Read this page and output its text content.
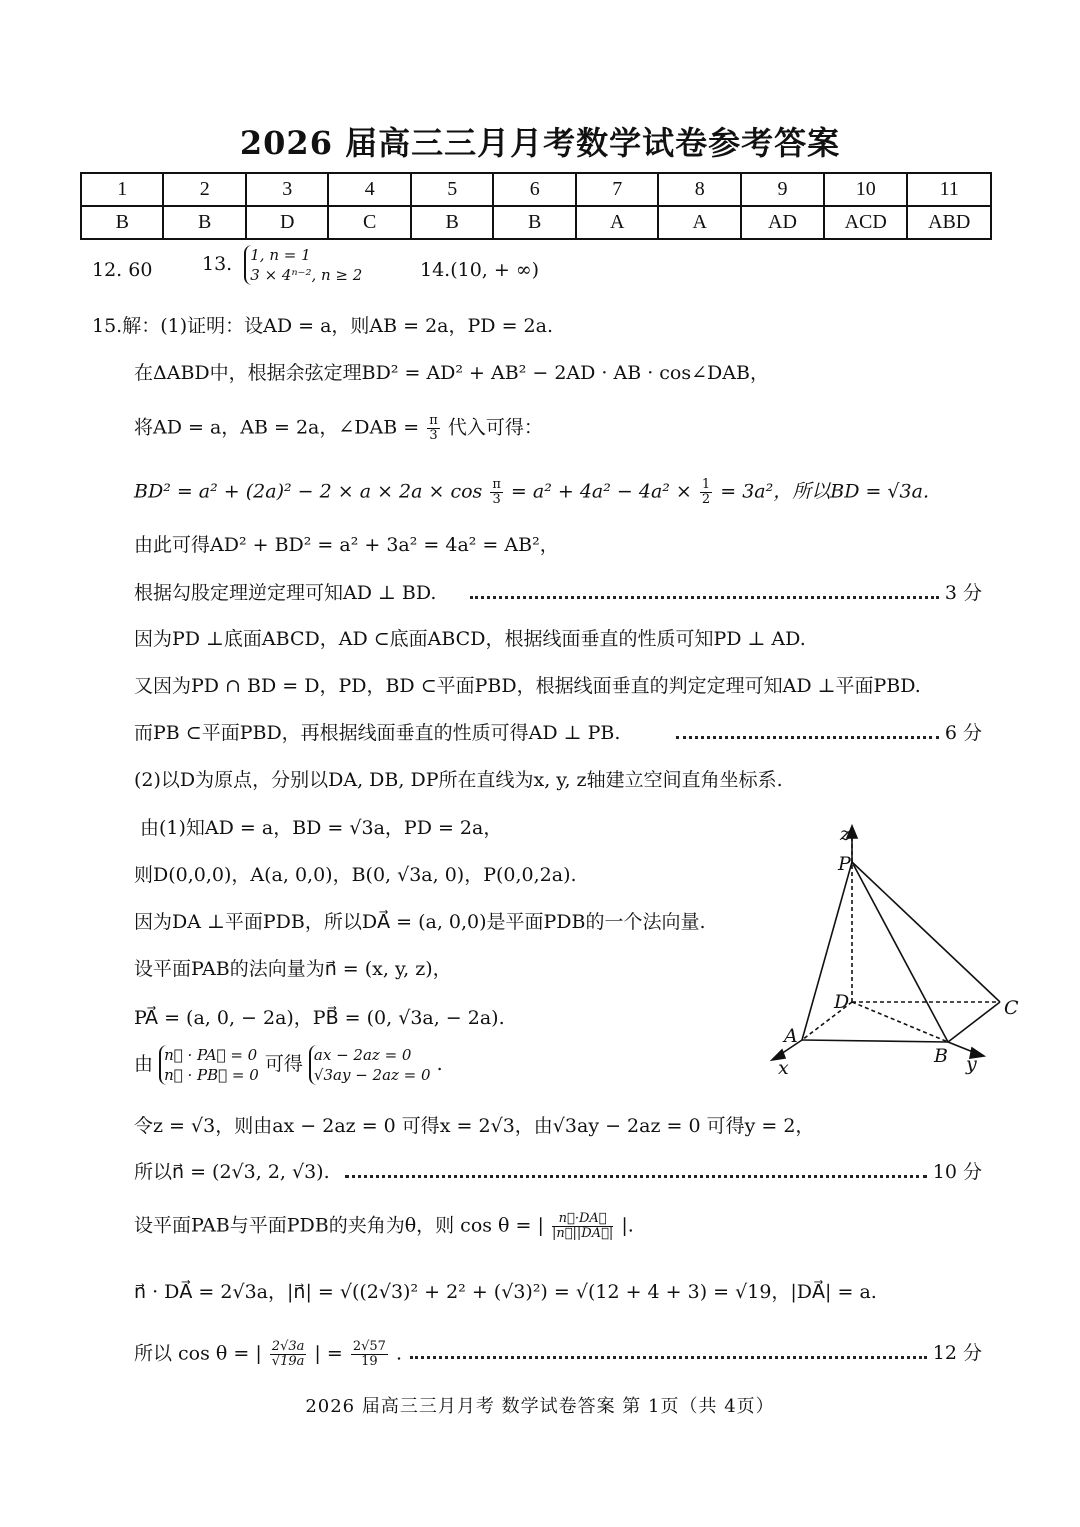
2026 届高三三月月考数学试卷参考答案
1	2	3	4	5	6	7	8	9	10	11
B	B	D	C	B	B	A	A	AD	ACD	ABD
12. 60	13. 1, n = 1
3 × 4ⁿ⁻², n ≥ 2	14.(10, + ∞)
15.解：(1)证明：设AD = a，则AB = 2a，PD = 2a.
在ΔABD中，根据余弦定理BD² = AD² + AB² − 2AD · AB · cos∠DAB，
将AD = a，AB = 2a，∠DAB = $\frac{\pi}{3}$ 代入可得：
$BD^2 = a^2 + (2a)^2 - 2 \times a \times 2a \times \cos \frac{\pi}{3} = a^2 + 4a^2 - 4a^2 \times \frac{1}{2} = 3a^2$，所以BD = √3a.
由此可得AD² + BD² = a² + 3a² = 4a² = AB²，
根据勾股定理逆定理可知AD ⊥ BD.	3 分
因为PD ⊥底面ABCD，AD ⊂底面ABCD，根据线面垂直的性质可知PD ⊥ AD.
又因为PD ∩ BD = D，PD，BD ⊂平面PBD，根据线面垂直的判定定理可知AD ⊥平面PBD.
而PB ⊂平面PBD，再根据线面垂直的性质可得AD ⊥ PB.	6 分
(2)以D为原点，分别以DA, DB, DP所在直线为x, y, z轴建立空间直角坐标系.
由(1)知AD = a，BD = √3a，PD = 2a，
则D(0,0,0)，A(a, 0,0)，B(0, √3a, 0)，P(0,0,2a).
因为DA ⊥平面PDB，所以DA⃗ = (a, 0,0)是平面PDB的一个法向量.
设平面PAB的法向量为n⃗ = (x, y, z)，
PA⃗ = (a, 0, − 2a)，PB⃗ = (0, √3a, − 2a).
由 n⃗ · PA⃗ = 0
n⃗ · PB⃗ = 0 可得 ax − 2az = 0
√3ay − 2az = 0 .
令z = √3，则由ax − 2az = 0 可得x = 2√3，由√3ay − 2az = 0 可得y = 2，
所以n⃗ = (2√3, 2, √3).	10 分
设平面PAB与平面PDB的夹角为θ，则 cos θ = | $\frac{n⃗\cdot DA⃗}{|n⃗||DA⃗|}$ |.
n⃗ · DA⃗ = 2√3a，|n⃗| = √((2√3)² + 2² + (√3)²) = √(12 + 4 + 3) = √19，|DA⃗| = a.
所以 cos θ = | $\frac{2√3a}{√19a}$ | = $\frac{2√57}{19}$ .	12 分
z
P
D	C
A
B
x	y
2026 届高三三月月考 数学试卷答案 第 1页（共 4页）
